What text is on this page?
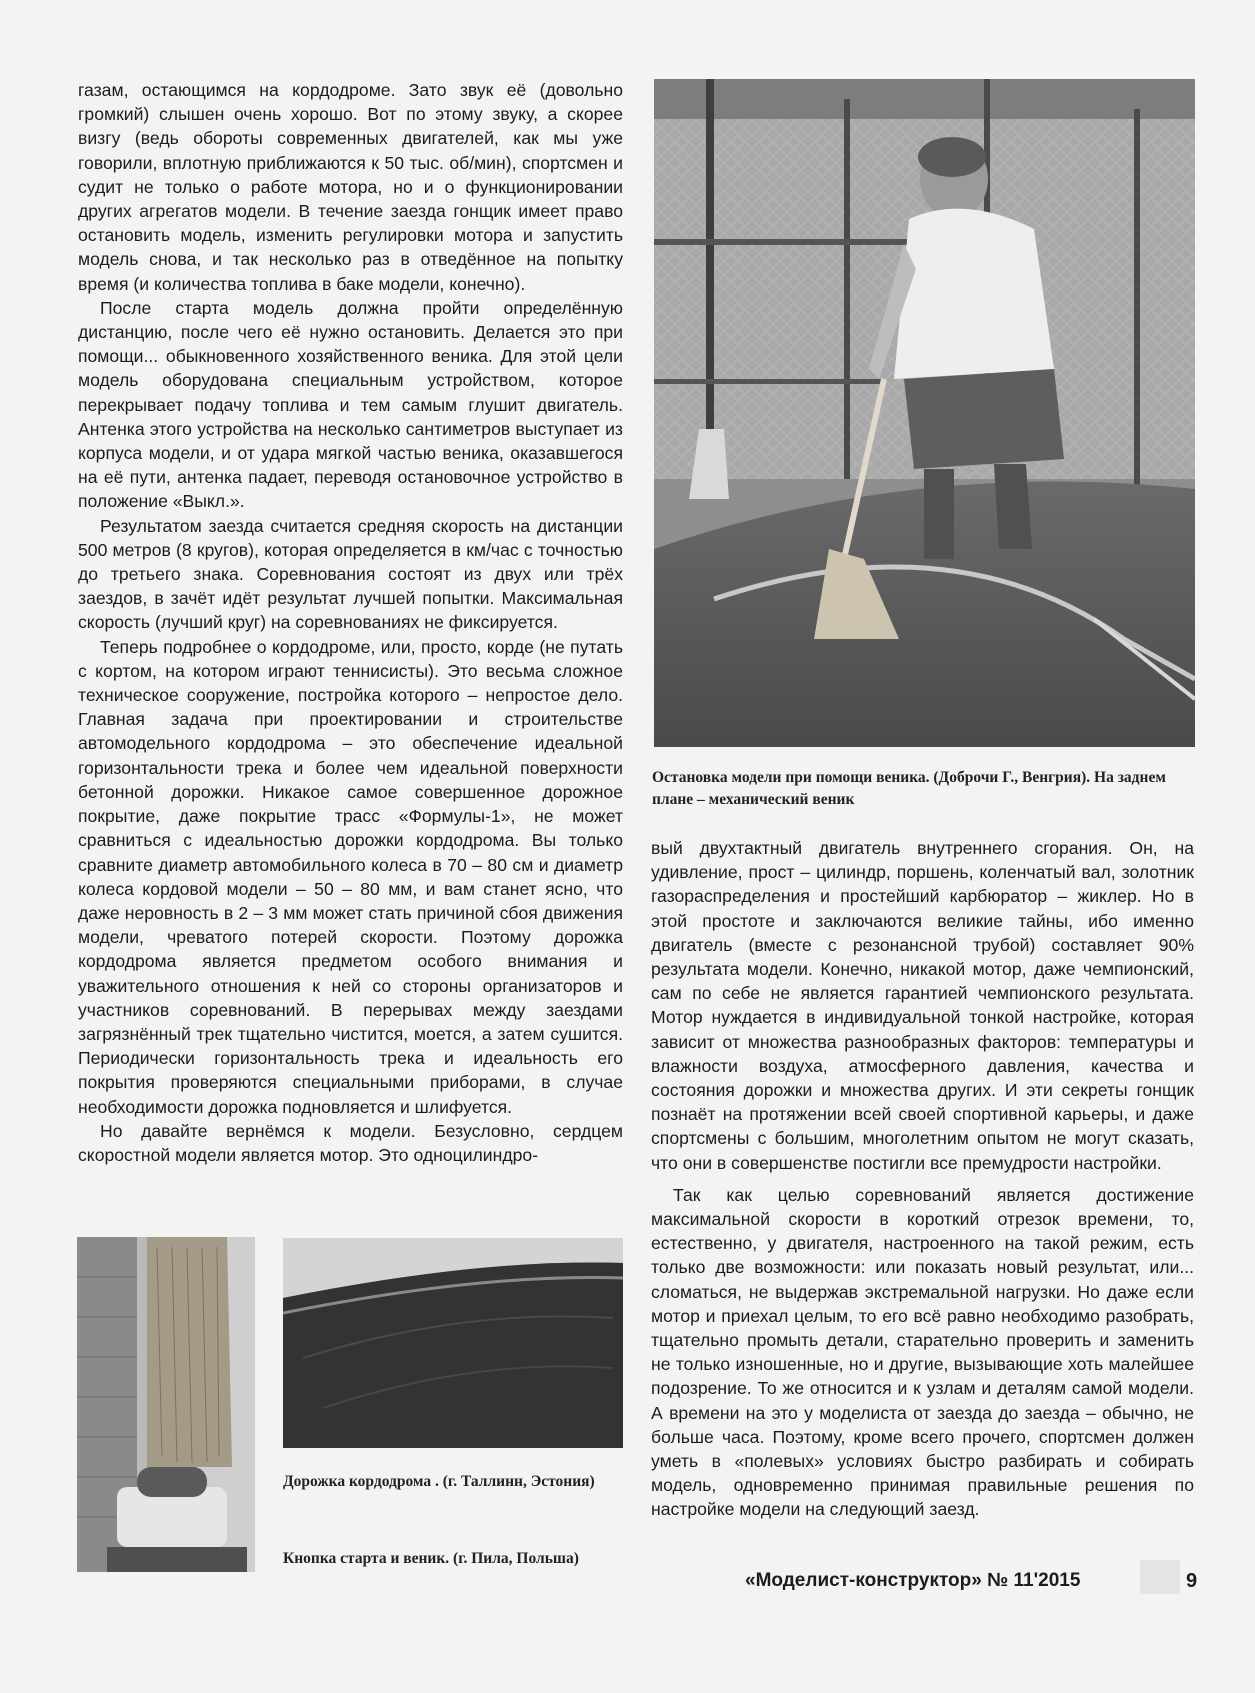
газам, остающимся на кордодроме. Зато звук её (довольно громкий) слышен очень хорошо. Вот по этому звуку, а скорее визгу (ведь обороты современных двигателей, как мы уже говорили, вплотную приближаются к 50 тыс. об/мин), спортсмен и судит не только о работе мотора, но и о функционировании других агрегатов модели. В течение заезда гонщик имеет право остановить модель, изменить регулировки мотора и запустить модель снова, и так несколько раз в отведённое на попытку время (и количества топлива в баке модели, конечно).

После старта модель должна пройти определённую дистанцию, после чего её нужно остановить. Делается это при помощи... обыкновенного хозяйственного веника. Для этой цели модель оборудована специальным устройством, которое перекрывает подачу топлива и тем самым глушит двигатель. Антенка этого устройства на несколько сантиметров выступает из корпуса модели, и от удара мягкой частью веника, оказавшегося на её пути, антенка падает, переводя остановочное устройство в положение «Выкл.».

Результатом заезда считается средняя скорость на дистанции 500 метров (8 кругов), которая определяется в км/час с точностью до третьего знака. Соревнования состоят из двух или трёх заездов, в зачёт идёт результат лучшей попытки. Максимальная скорость (лучший круг) на соревнованиях не фиксируется.

Теперь подробнее о кордодроме, или, просто, корде (не путать с кортом, на котором играют теннисисты). Это весьма сложное техническое сооружение, постройка которого – непростое дело. Главная задача при проектировании и строительстве автомодельного кордодрома – это обеспечение идеальной горизонтальности трека и более чем идеальной поверхности бетонной дорожки. Никакое самое совершенное дорожное покрытие, даже покрытие трасс «Формулы-1», не может сравниться с идеальностью дорожки кордодрома. Вы только сравните диаметр автомобильного колеса в 70 – 80 см и диаметр колеса кордовой модели – 50 – 80 мм, и вам станет ясно, что даже неровность в 2 – 3 мм может стать причиной сбоя движения модели, чреватого потерей скорости. Поэтому дорожка кордодрома является предметом особого внимания и уважительного отношения к ней со стороны организаторов и участников соревнований. В перерывах между заездами загрязнённый трек тщательно чистится, моется, а затем сушится. Периодически горизонтальность трека и идеальность его покрытия проверяются специальными приборами, в случае необходимости дорожка подновляется и шлифуется.

Но давайте вернёмся к модели. Безусловно, сердцем скоростной модели является мотор. Это одноцилиндро-

Остановка модели при помощи веника. (Доброчи Г., Венгрия). На заднем плане – механический веник
Дорожка кордодрома . (г. Таллинн, Эстония)
Кнопка старта и веник. (г. Пила, Польша)

вый двухтактный двигатель внутреннего сгорания. Он, на удивление, прост – цилиндр, поршень, коленчатый вал, золотник газораспределения и простейший карбюратор – жиклер. Но в этой простоте и заключаются великие тайны, ибо именно двигатель (вместе с резонансной трубой) составляет 90% результата модели. Конечно, никакой мотор, даже чемпионский, сам по себе не является гарантией чемпионского результата. Мотор нуждается в индивидуальной тонкой настройке, которая зависит от множества разнообразных факторов: температуры и влажности воздуха, атмосферного давления, качества и состояния дорожки и множества других. И эти секреты гонщик познаёт на протяжении всей своей спортивной карьеры, и даже спортсмены с большим, многолетним опытом не могут сказать, что они в совершенстве постигли все премудрости настройки.

Так как целью соревнований является достижение максимальной скорости в короткий отрезок времени, то, естественно, у двигателя, настроенного на такой режим, есть только две возможности: или показать новый результат, или... сломаться, не выдержав экстремальной нагрузки. Но даже если мотор и приехал целым, то его всё равно необходимо разобрать, тщательно промыть детали, старательно проверить и заменить не только изношенные, но и другие, вызывающие хоть малейшее подозрение. То же относится и к узлам и деталям самой модели. А времени на это у моделиста от заезда до заезда – обычно, не больше часа. Поэтому, кроме всего прочего, спортсмен должен уметь в «полевых» условиях быстро разбирать и собирать модель, одновременно принимая правильные решения по настройке модели на следующий заезд.

«Моделист-конструктор» № 11'2015	9
